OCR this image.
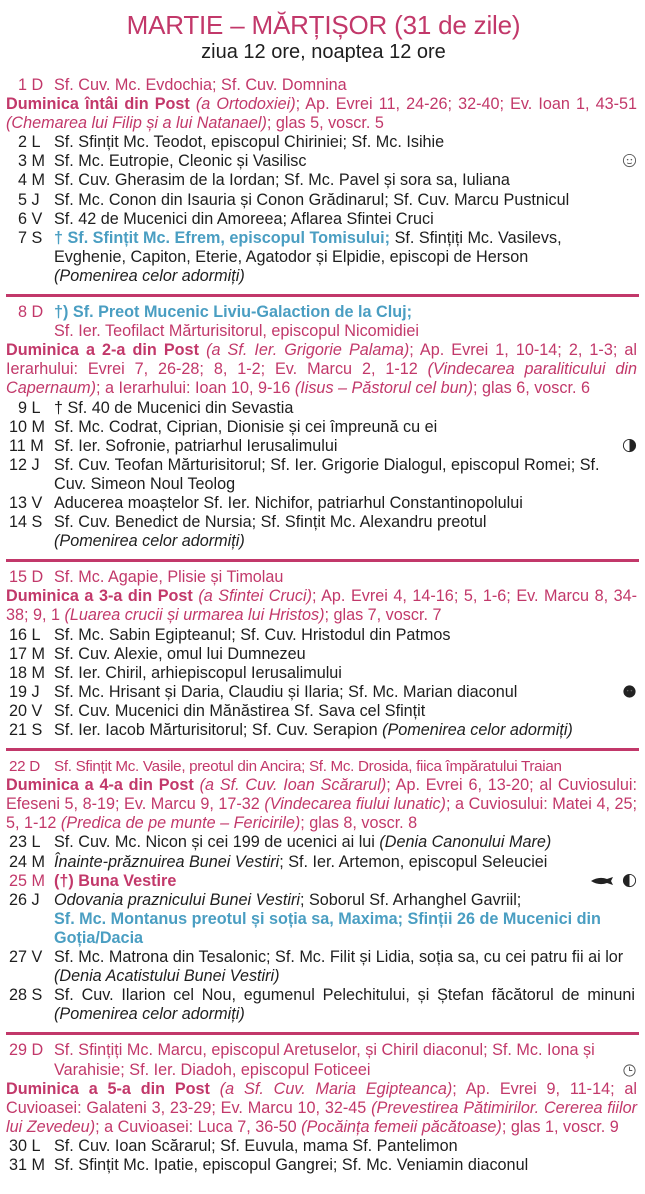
MARTIE – MĂRȚIȘOR (31 de zile)
ziua 12 ore, noaptea 12 ore
1 D Sf. Cuv. Mc. Evdochia; Sf. Cuv. Domnina
Duminica întâi din Post (a Ortodoxiei); Ap. Evrei 11, 24-26; 32-40; Ev. Ioan 1, 43-51 (Chemarea lui Filip și a lui Natanael); glas 5, voscr. 5
2 L Sf. Sfințit Mc. Teodot, episcopul Chiriniei; Sf. Mc. Isihie
3 M Sf. Mc. Eutropie, Cleonic și Vasilisc
4 M Sf. Cuv. Gherasim de la Iordan; Sf. Mc. Pavel și sora sa, Iuliana
5 J Sf. Mc. Conon din Isauria și Conon Grădinarul; Sf. Cuv. Marcu Pustnicul
6 V Sf. 42 de Mucenici din Amoreea; Aflarea Sfintei Cruci
7 S † Sf. Sfințit Mc. Efrem, episcopul Tomisului; Sf. Sfințiți Mc. Vasilevs, Evghenie, Capiton, Eterie, Agatodor și Elpidie, episcopi de Herson
(Pomenirea celor adormiți)
8 D †) Sf. Preot Mucenic Liviu-Galaction de la Cluj;
Sf. Ier. Teofilact Mărturisitorul, episcopul Nicomidiei
Duminica a 2-a din Post (a Sf. Ier. Grigorie Palama); Ap. Evrei 1, 10-14; 2, 1-3; al Ierarhului: Evrei 7, 26-28; 8, 1-2; Ev. Marcu 2, 1-12 (Vindecarea paraliticului din Capernaum); a Ierarhului: Ioan 10, 9-16 (Iisus – Păstorul cel bun); glas 6, voscr. 6
9 L † Sf. 40 de Mucenici din Sevastia
10 M Sf. Mc. Codrat, Ciprian, Dionisie și cei împreună cu ei
11 M Sf. Ier. Sofronie, patriarhul Ierusalimului
12 J Sf. Cuv. Teofan Mărturisitorul; Sf. Ier. Grigorie Dialogul, episcopul Romei; Sf. Cuv. Simeon Noul Teolog
13 V Aducerea moaștelor Sf. Ier. Nichifor, patriarhul Constantinopolului
14 S Sf. Cuv. Benedict de Nursia; Sf. Sfințit Mc. Alexandru preotul
(Pomenirea celor adormiți)
15 D Sf. Mc. Agapie, Plisie și Timolau
Duminica a 3-a din Post (a Sfintei Cruci); Ap. Evrei 4, 14-16; 5, 1-6; Ev. Marcu 8, 34-38; 9, 1 (Luarea crucii și urmarea lui Hristos); glas 7, voscr. 7
16 L Sf. Mc. Sabin Egipteanul; Sf. Cuv. Hristodul din Patmos
17 M Sf. Cuv. Alexie, omul lui Dumnezeu
18 M Sf. Ier. Chiril, arhiepiscopul Ierusalimului
19 J Sf. Mc. Hrisant și Daria, Claudiu și Ilaria; Sf. Mc. Marian diaconul
20 V Sf. Cuv. Mucenici din Mănăstirea Sf. Sava cel Sfințit
21 S Sf. Ier. Iacob Mărturisitorul; Sf. Cuv. Serapion (Pomenirea celor adormiți)
22 D Sf. Sfințit Mc. Vasile, preotul din Ancira; Sf. Mc. Drosida, fiica împăratului Traian
Duminica a 4-a din Post (a Sf. Cuv. Ioan Scărarul); Ap. Evrei 6, 13-20; al Cuviosului: Efeseni 5, 8-19; Ev. Marcu 9, 17-32 (Vindecarea fiului lunatic); a Cuviosului: Matei 4, 25; 5, 1-12 (Predica de pe munte – Fericirile); glas 8, voscr. 8
23 L Sf. Cuv. Mc. Nicon și cei 199 de ucenici ai lui (Denia Canonului Mare)
24 M Înainte-prăznuirea Bunei Vestiri; Sf. Ier. Artemon, episcopul Seleuciei
25 M (†) Buna Vestire
26 J Odovania praznicului Bunei Vestiri; Soborul Sf. Arhanghel Gavriil;
Sf. Mc. Montanus preotul și soția sa, Maxima; Sfinții 26 de Mucenici din Goția/Dacia
27 V Sf. Mc. Matrona din Tesalonic; Sf. Mc. Filit și Lidia, soția sa, cu cei patru fii ai lor (Denia Acatistului Bunei Vestiri)
28 S Sf. Cuv. Ilarion cel Nou, egumenul Pelechitului, și Ștefan făcătorul de minuni (Pomenirea celor adormiți)
29 D Sf. Sfințiți Mc. Marcu, episcopul Aretuselor, și Chiril diaconul; Sf. Mc. Iona și Varahisie; Sf. Ier. Diadoh, episcopul Foticeei
Duminica a 5-a din Post (a Sf. Cuv. Maria Egipteanca); Ap. Evrei 9, 11-14; al Cuvioasei: Galateni 3, 23-29; Ev. Marcu 10, 32-45 (Prevestirea Pătimirilor. Cererea fiilor lui Zevedeu); a Cuvioasei: Luca 7, 36-50 (Pocăința femeii păcătoase); glas 1, voscr. 9
30 L Sf. Cuv. Ioan Scărarul; Sf. Euvula, mama Sf. Pantelimon
31 M Sf. Sfințit Mc. Ipatie, episcopul Gangrei; Sf. Mc. Veniamin diaconul
